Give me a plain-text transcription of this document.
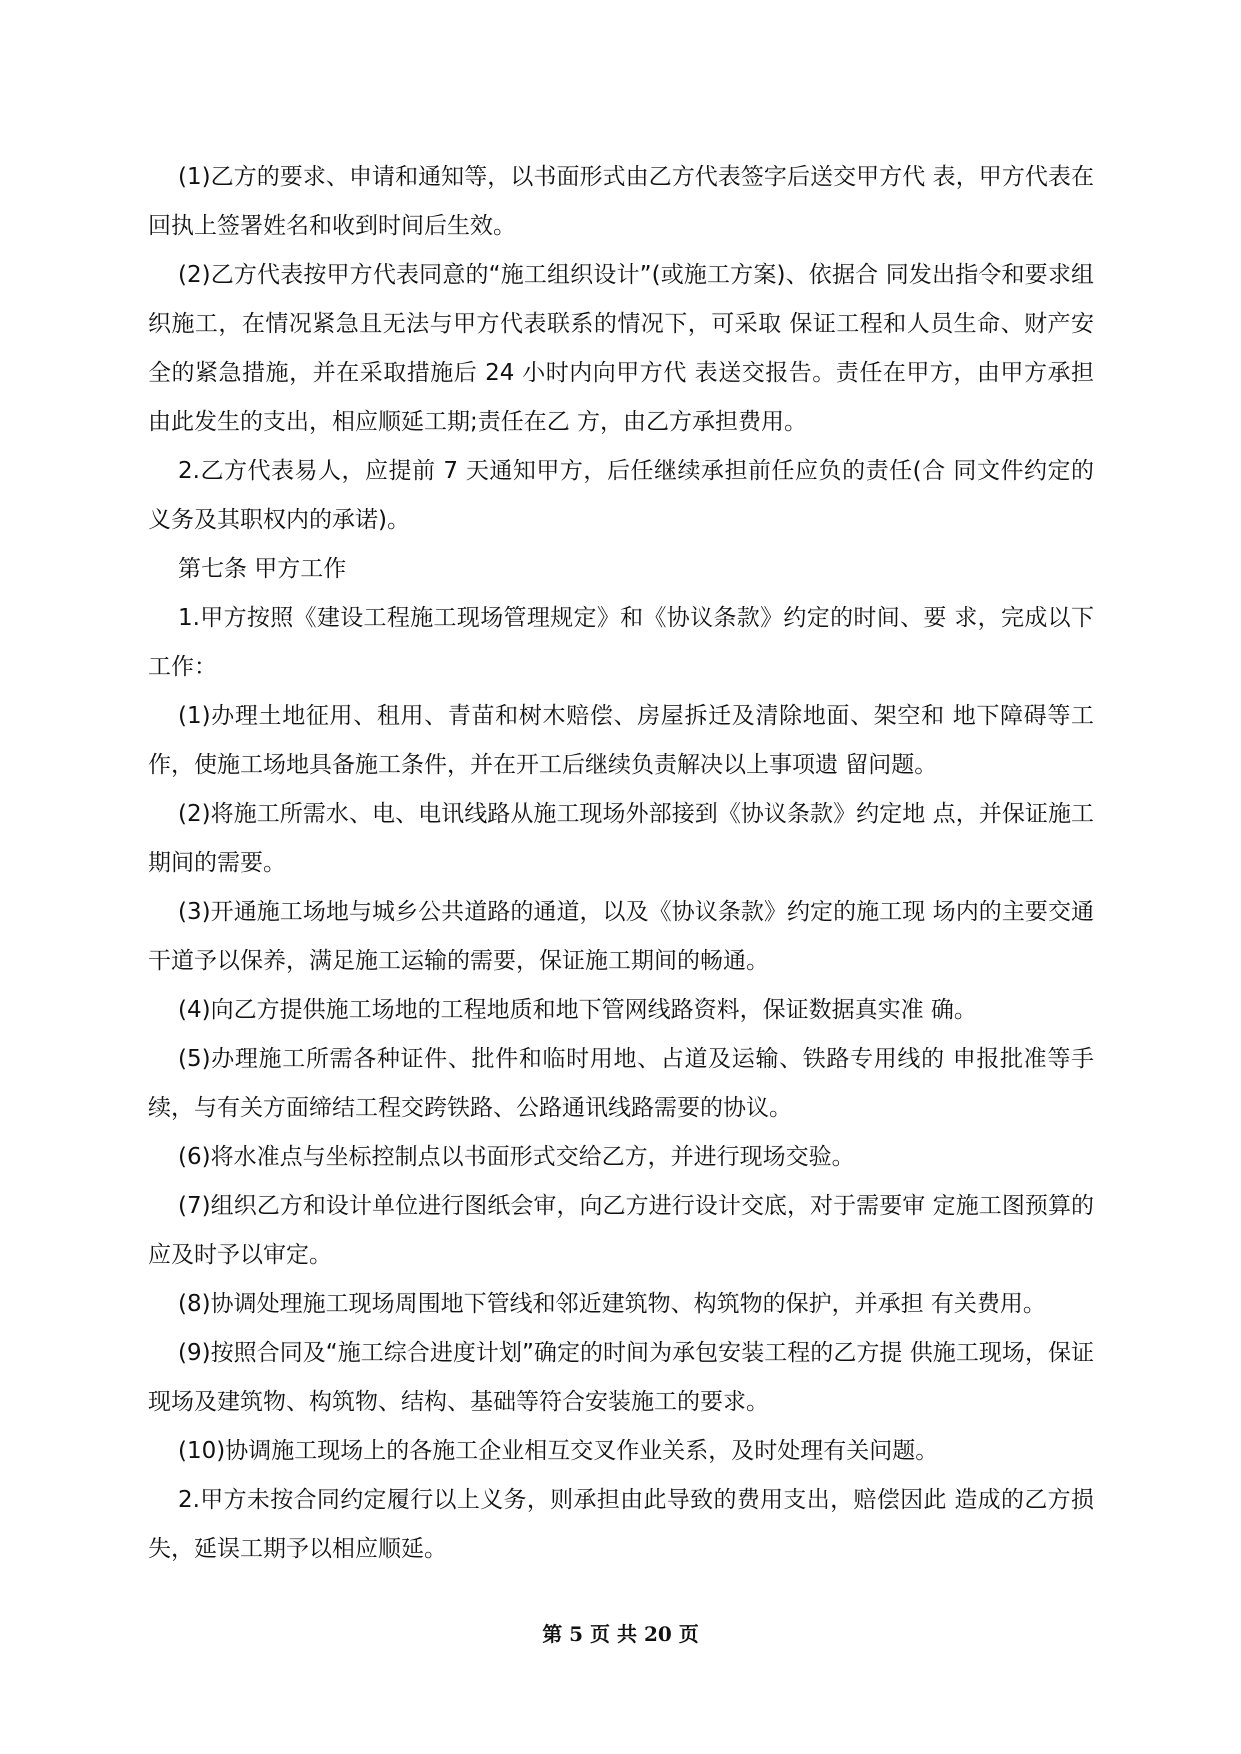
(1)乙方的要求、申请和通知等，以书面形式由乙方代表签字后送交甲方代 表，甲方代表在回执上签署姓名和收到时间后生效。

(2)乙方代表按甲方代表同意的“施工组织设计”(或施工方案)、依据合 同发出指令和要求组织施工，在情况紧急且无法与甲方代表联系的情况下，可采取 保证工程和人员生命、财产安全的紧急措施，并在采取措施后 24 小时内向甲方代 表送交报告。责任在甲方，由甲方承担由此发生的支出，相应顺延工期;责任在乙 方，由乙方承担费用。

2.乙方代表易人，应提前 7 天通知甲方，后任继续承担前任应负的责任(合 同文件约定的义务及其职权内的承诺)。

第七条 甲方工作

1.甲方按照《建设工程施工现场管理规定》和《协议条款》约定的时间、要 求，完成以下工作：

(1)办理土地征用、租用、青苗和树木赔偿、房屋拆迁及清除地面、架空和 地下障碍等工作，使施工场地具备施工条件，并在开工后继续负责解决以上事项遗 留问题。

(2)将施工所需水、电、电讯线路从施工现场外部接到《协议条款》约定地 点，并保证施工期间的需要。

(3)开通施工场地与城乡公共道路的通道，以及《协议条款》约定的施工现 场内的主要交通干道予以保养，满足施工运输的需要，保证施工期间的畅通。

(4)向乙方提供施工场地的工程地质和地下管网线路资料，保证数据真实准 确。

(5)办理施工所需各种证件、批件和临时用地、占道及运输、铁路专用线的 申报批准等手续，与有关方面缔结工程交跨铁路、公路通讯线路需要的协议。

(6)将水准点与坐标控制点以书面形式交给乙方，并进行现场交验。

(7)组织乙方和设计单位进行图纸会审，向乙方进行设计交底，对于需要审 定施工图预算的应及时予以审定。

(8)协调处理施工现场周围地下管线和邻近建筑物、构筑物的保护，并承担 有关费用。

(9)按照合同及“施工综合进度计划”确定的时间为承包安装工程的乙方提 供施工现场，保证现场及建筑物、构筑物、结构、基础等符合安装施工的要求。

(10)协调施工现场上的各施工企业相互交叉作业关系，及时处理有关问题。

2.甲方未按合同约定履行以上义务，则承担由此导致的费用支出，赔偿因此 造成的乙方损失，延误工期予以相应顺延。

第 5 页 共 20 页
